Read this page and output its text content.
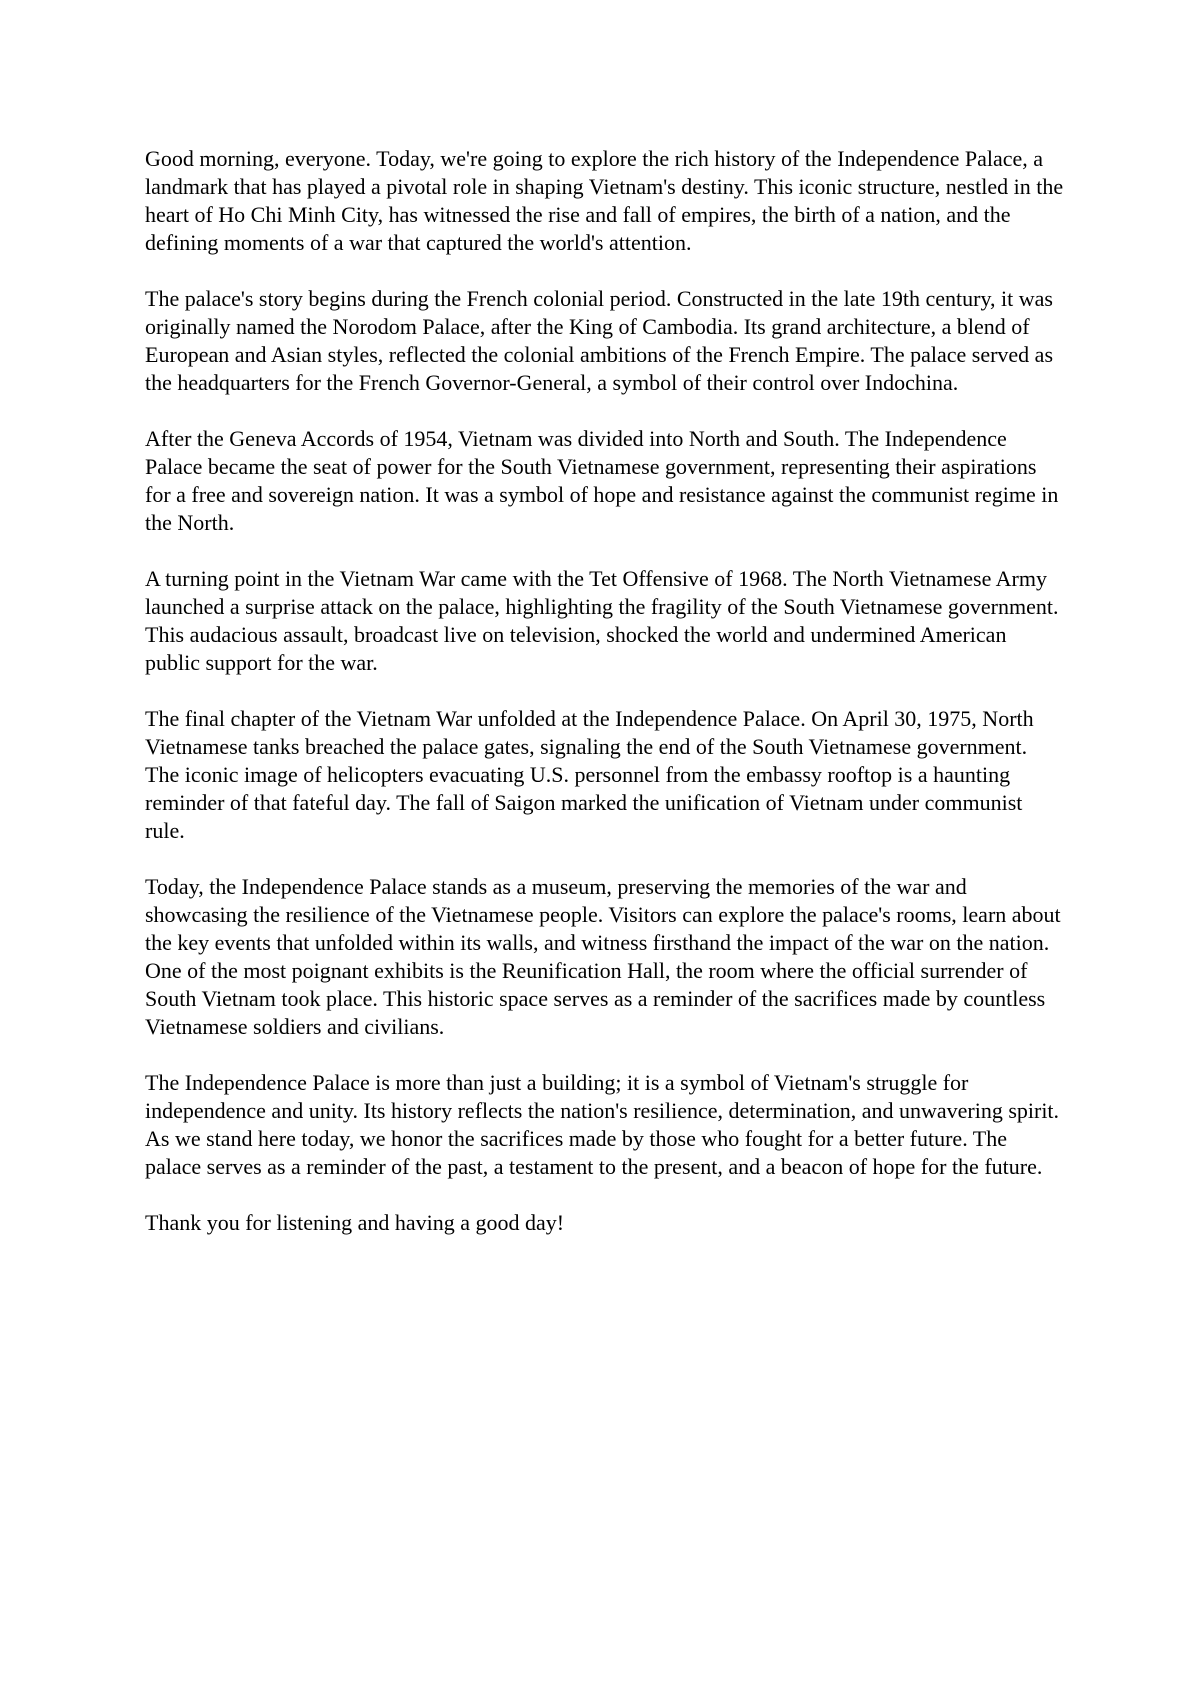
Good morning, everyone. Today, we're going to explore the rich history of the Independence Palace, a landmark that has played a pivotal role in shaping Vietnam's destiny. This iconic structure, nestled in the heart of Ho Chi Minh City, has witnessed the rise and fall of empires, the birth of a nation, and the defining moments of a war that captured the world's attention.

The palace's story begins during the French colonial period. Constructed in the late 19th century, it was originally named the Norodom Palace, after the King of Cambodia. Its grand architecture, a blend of European and Asian styles, reflected the colonial ambitions of the French Empire. The palace served as the headquarters for the French Governor-General, a symbol of their control over Indochina.

After the Geneva Accords of 1954, Vietnam was divided into North and South. The Independence Palace became the seat of power for the South Vietnamese government, representing their aspirations for a free and sovereign nation. It was a symbol of hope and resistance against the communist regime in the North.

A turning point in the Vietnam War came with the Tet Offensive of 1968. The North Vietnamese Army launched a surprise attack on the palace, highlighting the fragility of the South Vietnamese government. This audacious assault, broadcast live on television, shocked the world and undermined American public support for the war.

The final chapter of the Vietnam War unfolded at the Independence Palace. On April 30, 1975, North Vietnamese tanks breached the palace gates, signaling the end of the South Vietnamese government. The iconic image of helicopters evacuating U.S. personnel from the embassy rooftop is a haunting reminder of that fateful day. The fall of Saigon marked the unification of Vietnam under communist rule.

Today, the Independence Palace stands as a museum, preserving the memories of the war and showcasing the resilience of the Vietnamese people. Visitors can explore the palace's rooms, learn about the key events that unfolded within its walls, and witness firsthand the impact of the war on the nation. One of the most poignant exhibits is the Reunification Hall, the room where the official surrender of South Vietnam took place. This historic space serves as a reminder of the sacrifices made by countless Vietnamese soldiers and civilians.

The Independence Palace is more than just a building; it is a symbol of Vietnam's struggle for independence and unity. Its history reflects the nation's resilience, determination, and unwavering spirit. As we stand here today, we honor the sacrifices made by those who fought for a better future. The palace serves as a reminder of the past, a testament to the present, and a beacon of hope for the future.

Thank you for listening and having a good day!
